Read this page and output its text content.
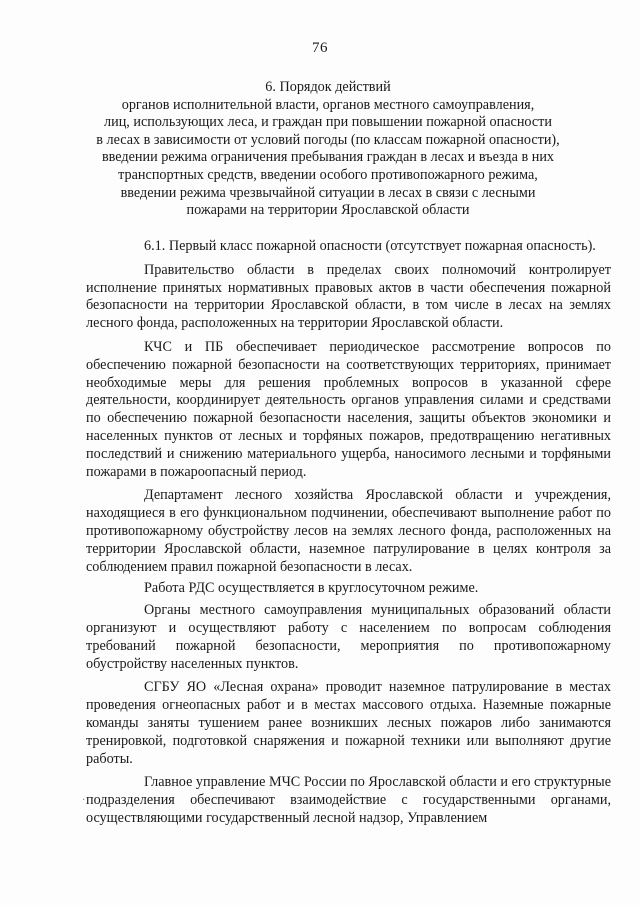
76
6. Порядок действий
органов исполнительной власти, органов местного самоуправления,
лиц, использующих леса, и граждан при повышении пожарной опасности
в лесах в зависимости от условий погоды (по классам пожарной опасности),
введении режима ограничения пребывания граждан в лесах и въезда в них
транспортных средств, введении особого противопожарного режима,
введении режима чрезвычайной ситуации в лесах в связи с лесными
пожарами на территории Ярославской области

6.1. Первый класс пожарной опасности (отсутствует пожарная опасность).

Правительство области в пределах своих полномочий контролирует исполнение принятых нормативных правовых актов в части обеспечения пожарной безопасности на территории Ярославской области, в том числе в лесах на землях лесного фонда, расположенных на территории Ярославской области.

КЧС и ПБ обеспечивает периодическое рассмотрение вопросов по обеспечению пожарной безопасности на соответствующих территориях, принимает необходимые меры для решения проблемных вопросов в указанной сфере деятельности, координирует деятельность органов управления силами и средствами по обеспечению пожарной безопасности населения, защиты объектов экономики и населенных пунктов от лесных и торфяных пожаров, предотвращению негативных последствий и снижению материального ущерба, наносимого лесными и торфяными пожарами в пожароопасный период.

Департамент лесного хозяйства Ярославской области и учреждения, находящиеся в его функциональном подчинении, обеспечивают выполнение работ по противопожарному обустройству лесов на землях лесного фонда, расположенных на территории Ярославской области, наземное патрулирование в целях контроля за соблюдением правил пожарной безопасности в лесах.

Работа РДС осуществляется в круглосуточном режиме.

Органы местного самоуправления муниципальных образований области организуют и осуществляют работу с населением по вопросам соблюдения требований пожарной безопасности, мероприятия по противопожарному обустройству населенных пунктов.

СГБУ ЯО «Лесная охрана» проводит наземное патрулирование в местах проведения огнеопасных работ и в местах массового отдыха. Наземные пожарные команды заняты тушением ранее возникших лесных пожаров либо занимаются тренировкой, подготовкой снаряжения и пожарной техники или выполняют другие работы.

Главное управление МЧС России по Ярославской области и его структурные подразделения обеспечивают взаимодействие с государственными органами, осуществляющими государственный лесной надзор, Управлением

·
